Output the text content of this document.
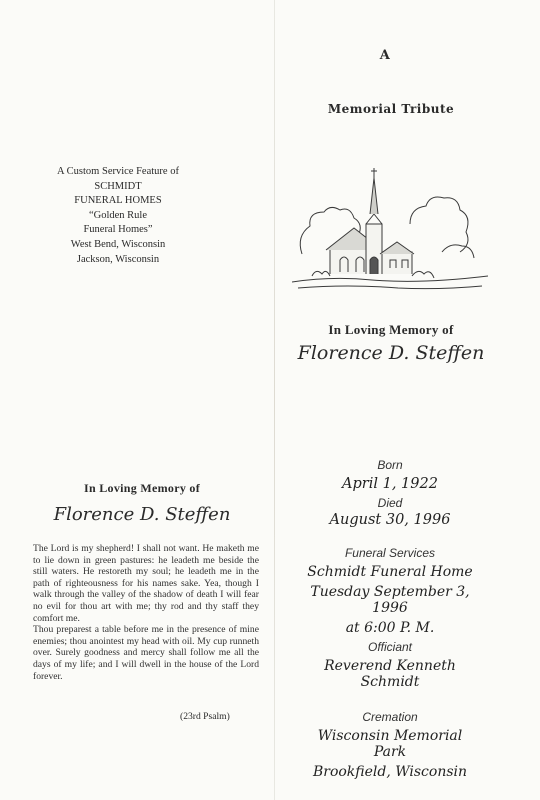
A
Memorial Tribute
In Loving Memory of
Florence D. Steffen
A Custom Service Feature of
SCHMIDT
FUNERAL HOMES
“Golden Rule
Funeral Homes”
West Bend, Wisconsin
Jackson, Wisconsin
In Loving Memory of
Florence D. Steffen

The Lord is my shepherd! I shall not want. He maketh me to lie down in green pastures: he leadeth me beside the still waters. He restoreth my soul; he leadeth me in the path of righteousness for his names sake. Yea, though I walk through the valley of the shadow of death I will fear no evil for thou art with me; thy rod and thy staff they comfort me.

Thou preparest a table before me in the presence of mine enemies; thou anointest my head with oil. My cup runneth over. Surely goodness and mercy shall follow me all the days of my life; and I will dwell in the house of the Lord forever.

(23rd Psalm)
Born
April 1, 1922
Died
August 30, 1996
Funeral Services
Schmidt Funeral Home
Tuesday September 3, 1996
at 6:00 P. M.
Officiant
Reverend Kenneth Schmidt
Cremation
Wisconsin Memorial Park
Brookfield, Wisconsin
